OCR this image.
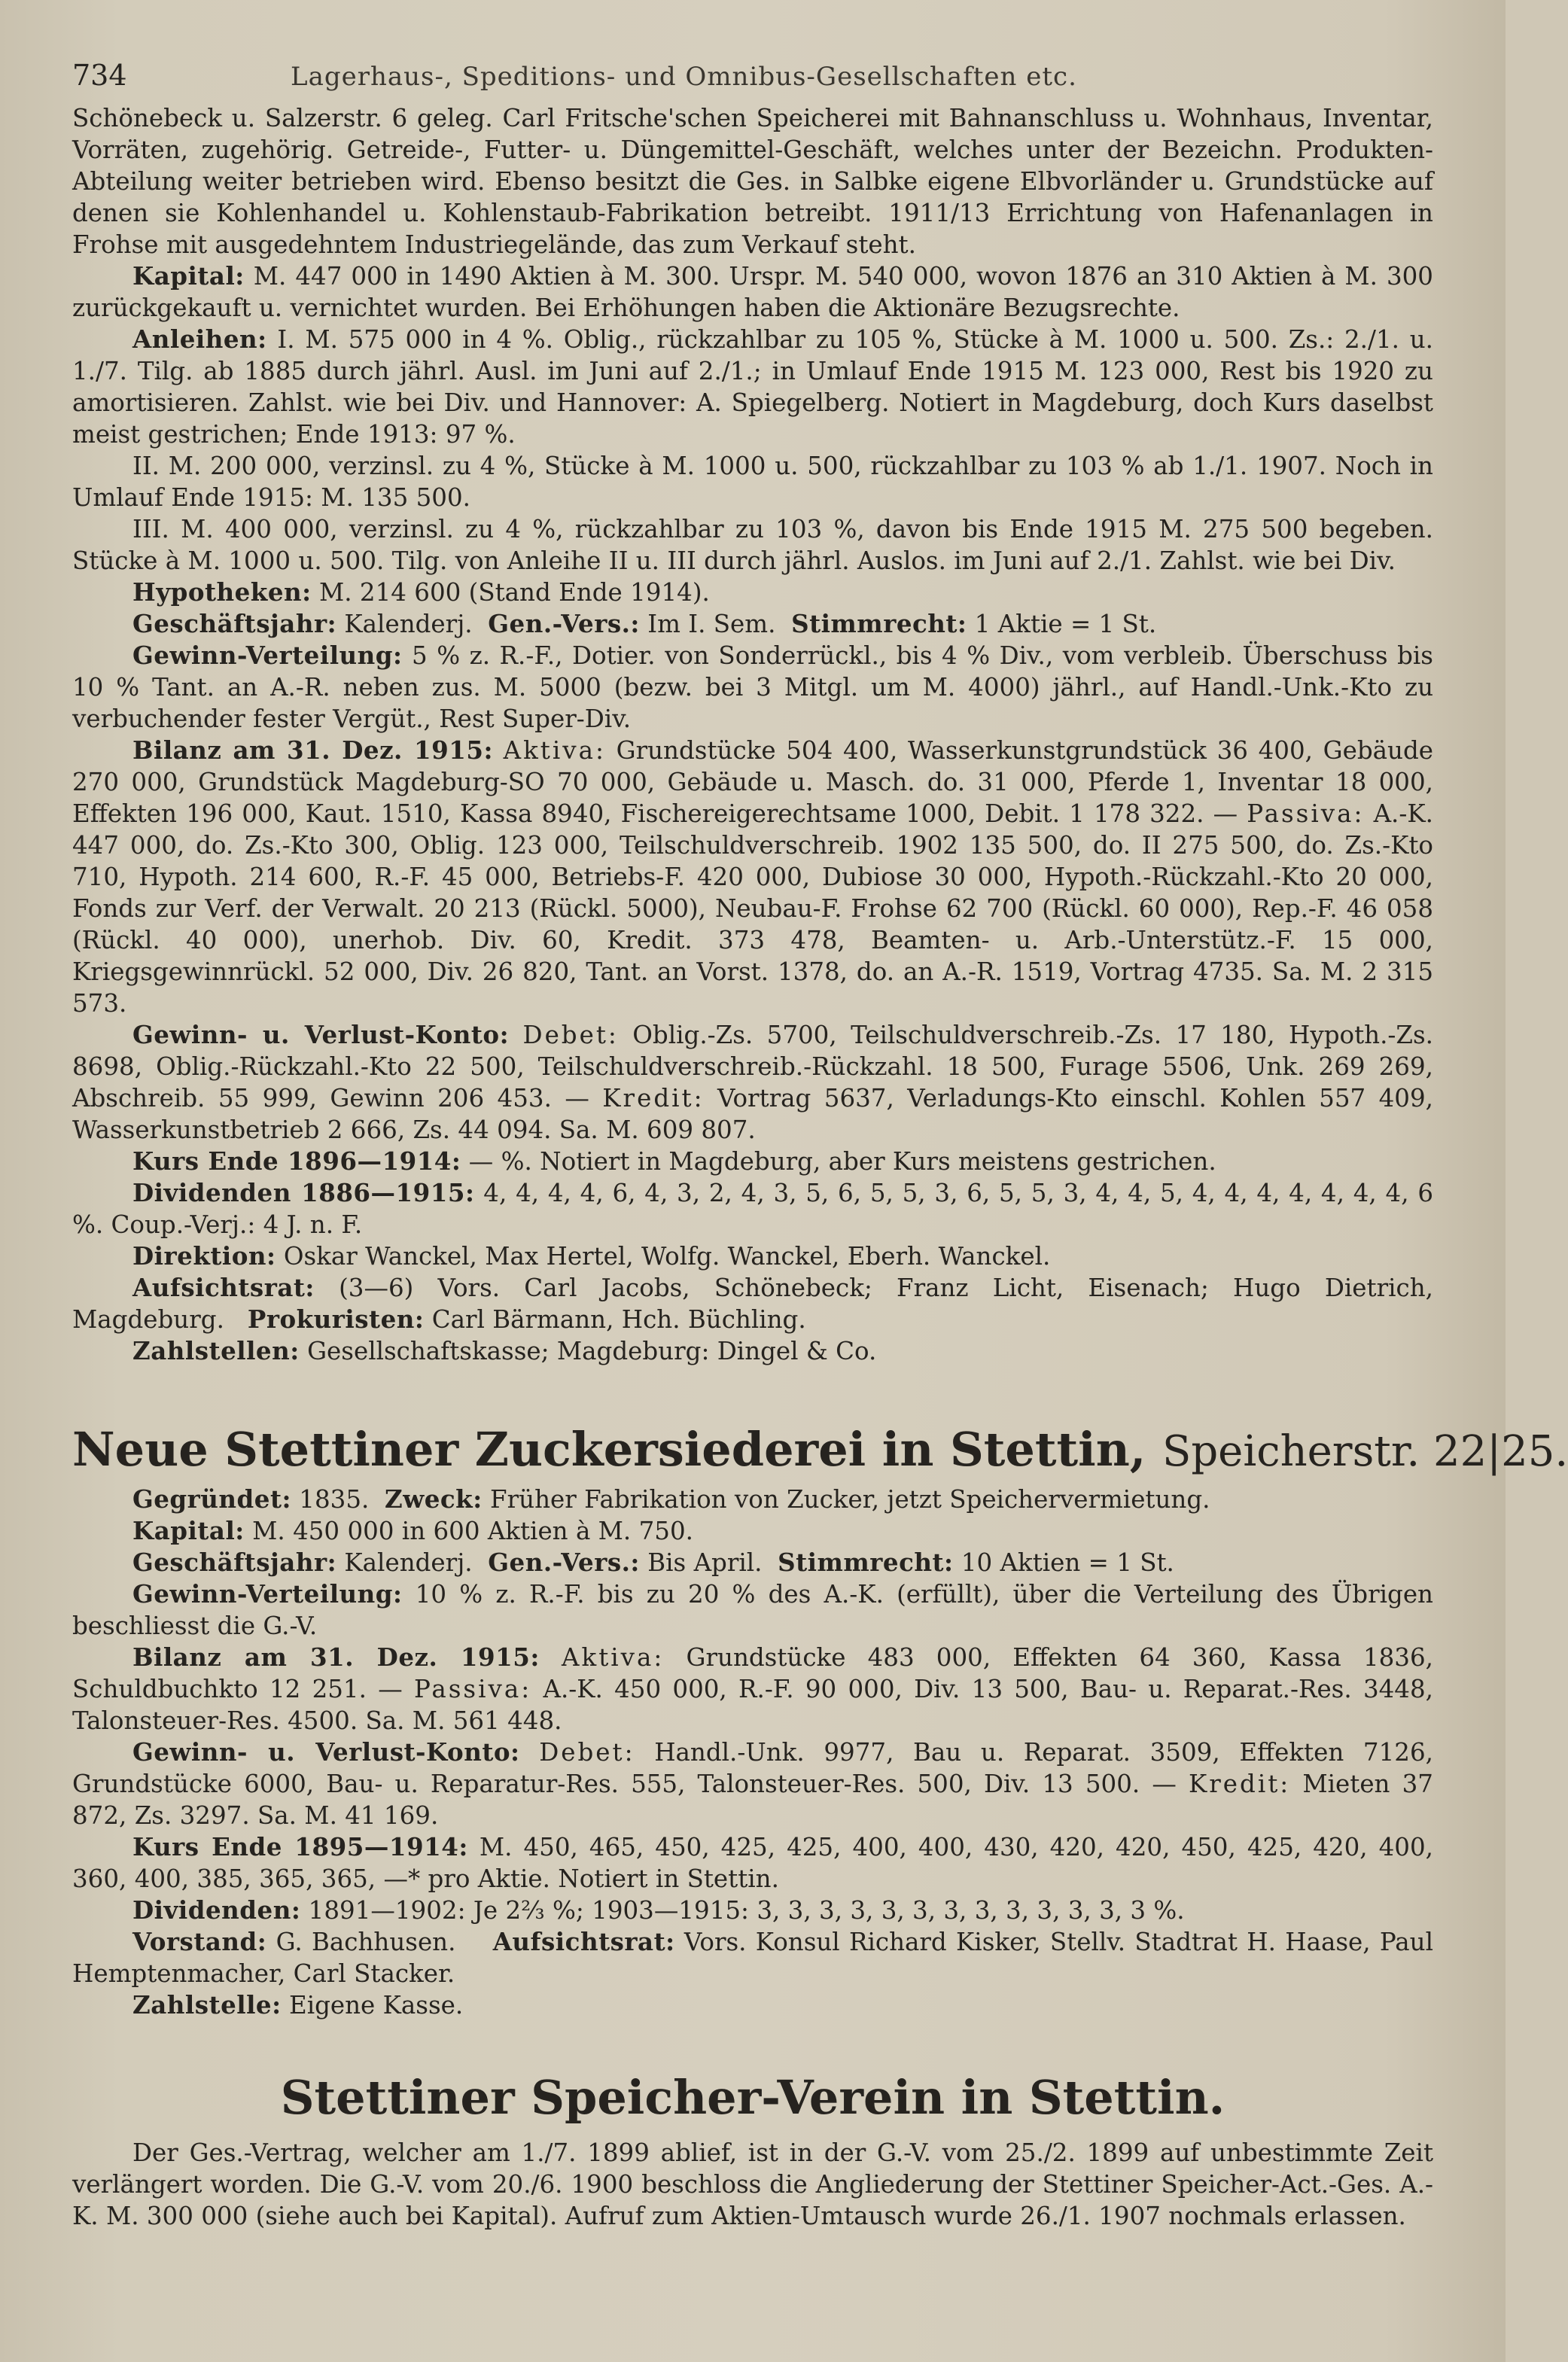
734	Lagerhaus-, Speditions- und Omnibus-Gesellschaften etc.

Schönebeck u. Salzerstr. 6 geleg. Carl Fritsche'schen Speicherei mit Bahnanschluss u. Wohnhaus, Inventar, Vorräten, zugehörig. Getreide-, Futter- u. Düngemittel-Geschäft, welches unter der Bezeichn. Produkten-Abteilung weiter betrieben wird. Ebenso besitzt die Ges. in Salbke eigene Elbvorländer u. Grundstücke auf denen sie Kohlenhandel u. Kohlenstaub-Fabrikation betreibt. 1911/13 Errichtung von Hafenanlagen in Frohse mit ausgedehntem Industriegelände, das zum Verkauf steht.

Kapital: M. 447 000 in 1490 Aktien à M. 300. Urspr. M. 540 000, wovon 1876 an 310 Aktien à M. 300 zurückgekauft u. vernichtet wurden. Bei Erhöhungen haben die Aktionäre Bezugsrechte.

Anleihen: I. M. 575 000 in 4 %. Oblig., rückzahlbar zu 105 %, Stücke à M. 1000 u. 500. Zs.: 2./1. u. 1./7. Tilg. ab 1885 durch jährl. Ausl. im Juni auf 2./1.; in Umlauf Ende 1915 M. 123 000, Rest bis 1920 zu amortisieren. Zahlst. wie bei Div. und Hannover: A. Spiegelberg. Notiert in Magdeburg, doch Kurs daselbst meist gestrichen; Ende 1913: 97 %.

II. M. 200 000, verzinsl. zu 4 %, Stücke à M. 1000 u. 500, rückzahlbar zu 103 % ab 1./1. 1907. Noch in Umlauf Ende 1915: M. 135 500.

III. M. 400 000, verzinsl. zu 4 %, rückzahlbar zu 103 %, davon bis Ende 1915 M. 275 500 begeben. Stücke à M. 1000 u. 500. Tilg. von Anleihe II u. III durch jährl. Auslos. im Juni auf 2./1. Zahlst. wie bei Div.

Hypotheken: M. 214 600 (Stand Ende 1914).

Geschäftsjahr: Kalenderj. Gen.-Vers.: Im I. Sem. Stimmrecht: 1 Aktie = 1 St.

Gewinn-Verteilung: 5 % z. R.-F., Dotier. von Sonderrückl., bis 4 % Div., vom verbleib. Überschuss bis 10 % Tant. an A.-R. neben zus. M. 5000 (bezw. bei 3 Mitgl. um M. 4000) jährl., auf Handl.-Unk.-Kto zu verbuchender fester Vergüt., Rest Super-Div.

Bilanz am 31. Dez. 1915: Aktiva: Grundstücke 504 400, Wasserkunstgrundstück 36 400, Gebäude 270 000, Grundstück Magdeburg-SO 70 000, Gebäude u. Masch. do. 31 000, Pferde 1, Inventar 18 000, Effekten 196 000, Kaut. 1510, Kassa 8940, Fischereigerechtsame 1000, Debit. 1 178 322. — Passiva: A.-K. 447 000, do. Zs.-Kto 300, Oblig. 123 000, Teilschuldverschreib. 1902 135 500, do. II 275 500, do. Zs.-Kto 710, Hypoth. 214 600, R.-F. 45 000, Betriebs-F. 420 000, Dubiose 30 000, Hypoth.-Rückzahl.-Kto 20 000, Fonds zur Verf. der Verwalt. 20 213 (Rückl. 5000), Neubau-F. Frohse 62 700 (Rückl. 60 000), Rep.-F. 46 058 (Rückl. 40 000), unerhob. Div. 60, Kredit. 373 478, Beamten- u. Arb.-Unterstütz.-F. 15 000, Kriegsgewinnrückl. 52 000, Div. 26 820, Tant. an Vorst. 1378, do. an A.-R. 1519, Vortrag 4735. Sa. M. 2 315 573.

Gewinn- u. Verlust-Konto: Debet: Oblig.-Zs. 5700, Teilschuldverschreib.-Zs. 17 180, Hypoth.-Zs. 8698, Oblig.-Rückzahl.-Kto 22 500, Teilschuldverschreib.-Rückzahl. 18 500, Furage 5506, Unk. 269 269, Abschreib. 55 999, Gewinn 206 453. — Kredit: Vortrag 5637, Verladungs-Kto einschl. Kohlen 557 409, Wasserkunstbetrieb 2 666, Zs. 44 094. Sa. M. 609 807.

Kurs Ende 1896—1914: — %. Notiert in Magdeburg, aber Kurs meistens gestrichen.

Dividenden 1886—1915: 4, 4, 4, 4, 6, 4, 3, 2, 4, 3, 5, 6, 5, 5, 3, 6, 5, 5, 3, 4, 4, 5, 4, 4, 4, 4, 4, 4, 4, 6 %. Coup.-Verj.: 4 J. n. F.

Direktion: Oskar Wanckel, Max Hertel, Wolfg. Wanckel, Eberh. Wanckel.

Aufsichtsrat: (3—6) Vors. Carl Jacobs, Schönebeck; Franz Licht, Eisenach; Hugo Dietrich, Magdeburg. Prokuristen: Carl Bärmann, Hch. Büchling.

Zahlstellen: Gesellschaftskasse; Magdeburg: Dingel & Co.

Neue Stettiner Zuckersiederei in Stettin, Speicherstr. 22|25.

Gegründet: 1835. Zweck: Früher Fabrikation von Zucker, jetzt Speichervermietung.

Kapital: M. 450 000 in 600 Aktien à M. 750.

Geschäftsjahr: Kalenderj. Gen.-Vers.: Bis April. Stimmrecht: 10 Aktien = 1 St.

Gewinn-Verteilung: 10 % z. R.-F. bis zu 20 % des A.-K. (erfüllt), über die Verteilung des Übrigen beschliesst die G.-V.

Bilanz am 31. Dez. 1915: Aktiva: Grundstücke 483 000, Effekten 64 360, Kassa 1836, Schuldbuchkto 12 251. — Passiva: A.-K. 450 000, R.-F. 90 000, Div. 13 500, Bau- u. Reparat.-Res. 3448, Talonsteuer-Res. 4500. Sa. M. 561 448.

Gewinn- u. Verlust-Konto: Debet: Handl.-Unk. 9977, Bau u. Reparat. 3509, Effekten 7126, Grundstücke 6000, Bau- u. Reparatur-Res. 555, Talonsteuer-Res. 500, Div. 13 500. — Kredit: Mieten 37 872, Zs. 3297. Sa. M. 41 169.

Kurs Ende 1895—1914: M. 450, 465, 450, 425, 425, 400, 400, 430, 420, 420, 450, 425, 420, 400, 360, 400, 385, 365, 365, —* pro Aktie. Notiert in Stettin.

Dividenden: 1891—1902: Je 2⅔ %; 1903—1915: 3, 3, 3, 3, 3, 3, 3, 3, 3, 3, 3, 3, 3 %.

Vorstand: G. Bachhusen. Aufsichtsrat: Vors. Konsul Richard Kisker, Stellv. Stadtrat H. Haase, Paul Hemptenmacher, Carl Stacker.

Zahlstelle: Eigene Kasse.

Stettiner Speicher-Verein in Stettin.

Der Ges.-Vertrag, welcher am 1./7. 1899 ablief, ist in der G.-V. vom 25./2. 1899 auf unbestimmte Zeit verlängert worden. Die G.-V. vom 20./6. 1900 beschloss die Angliederung der Stettiner Speicher-Act.-Ges. A.-K. M. 300 000 (siehe auch bei Kapital). Aufruf zum Aktien-Umtausch wurde 26./1. 1907 nochmals erlassen.
